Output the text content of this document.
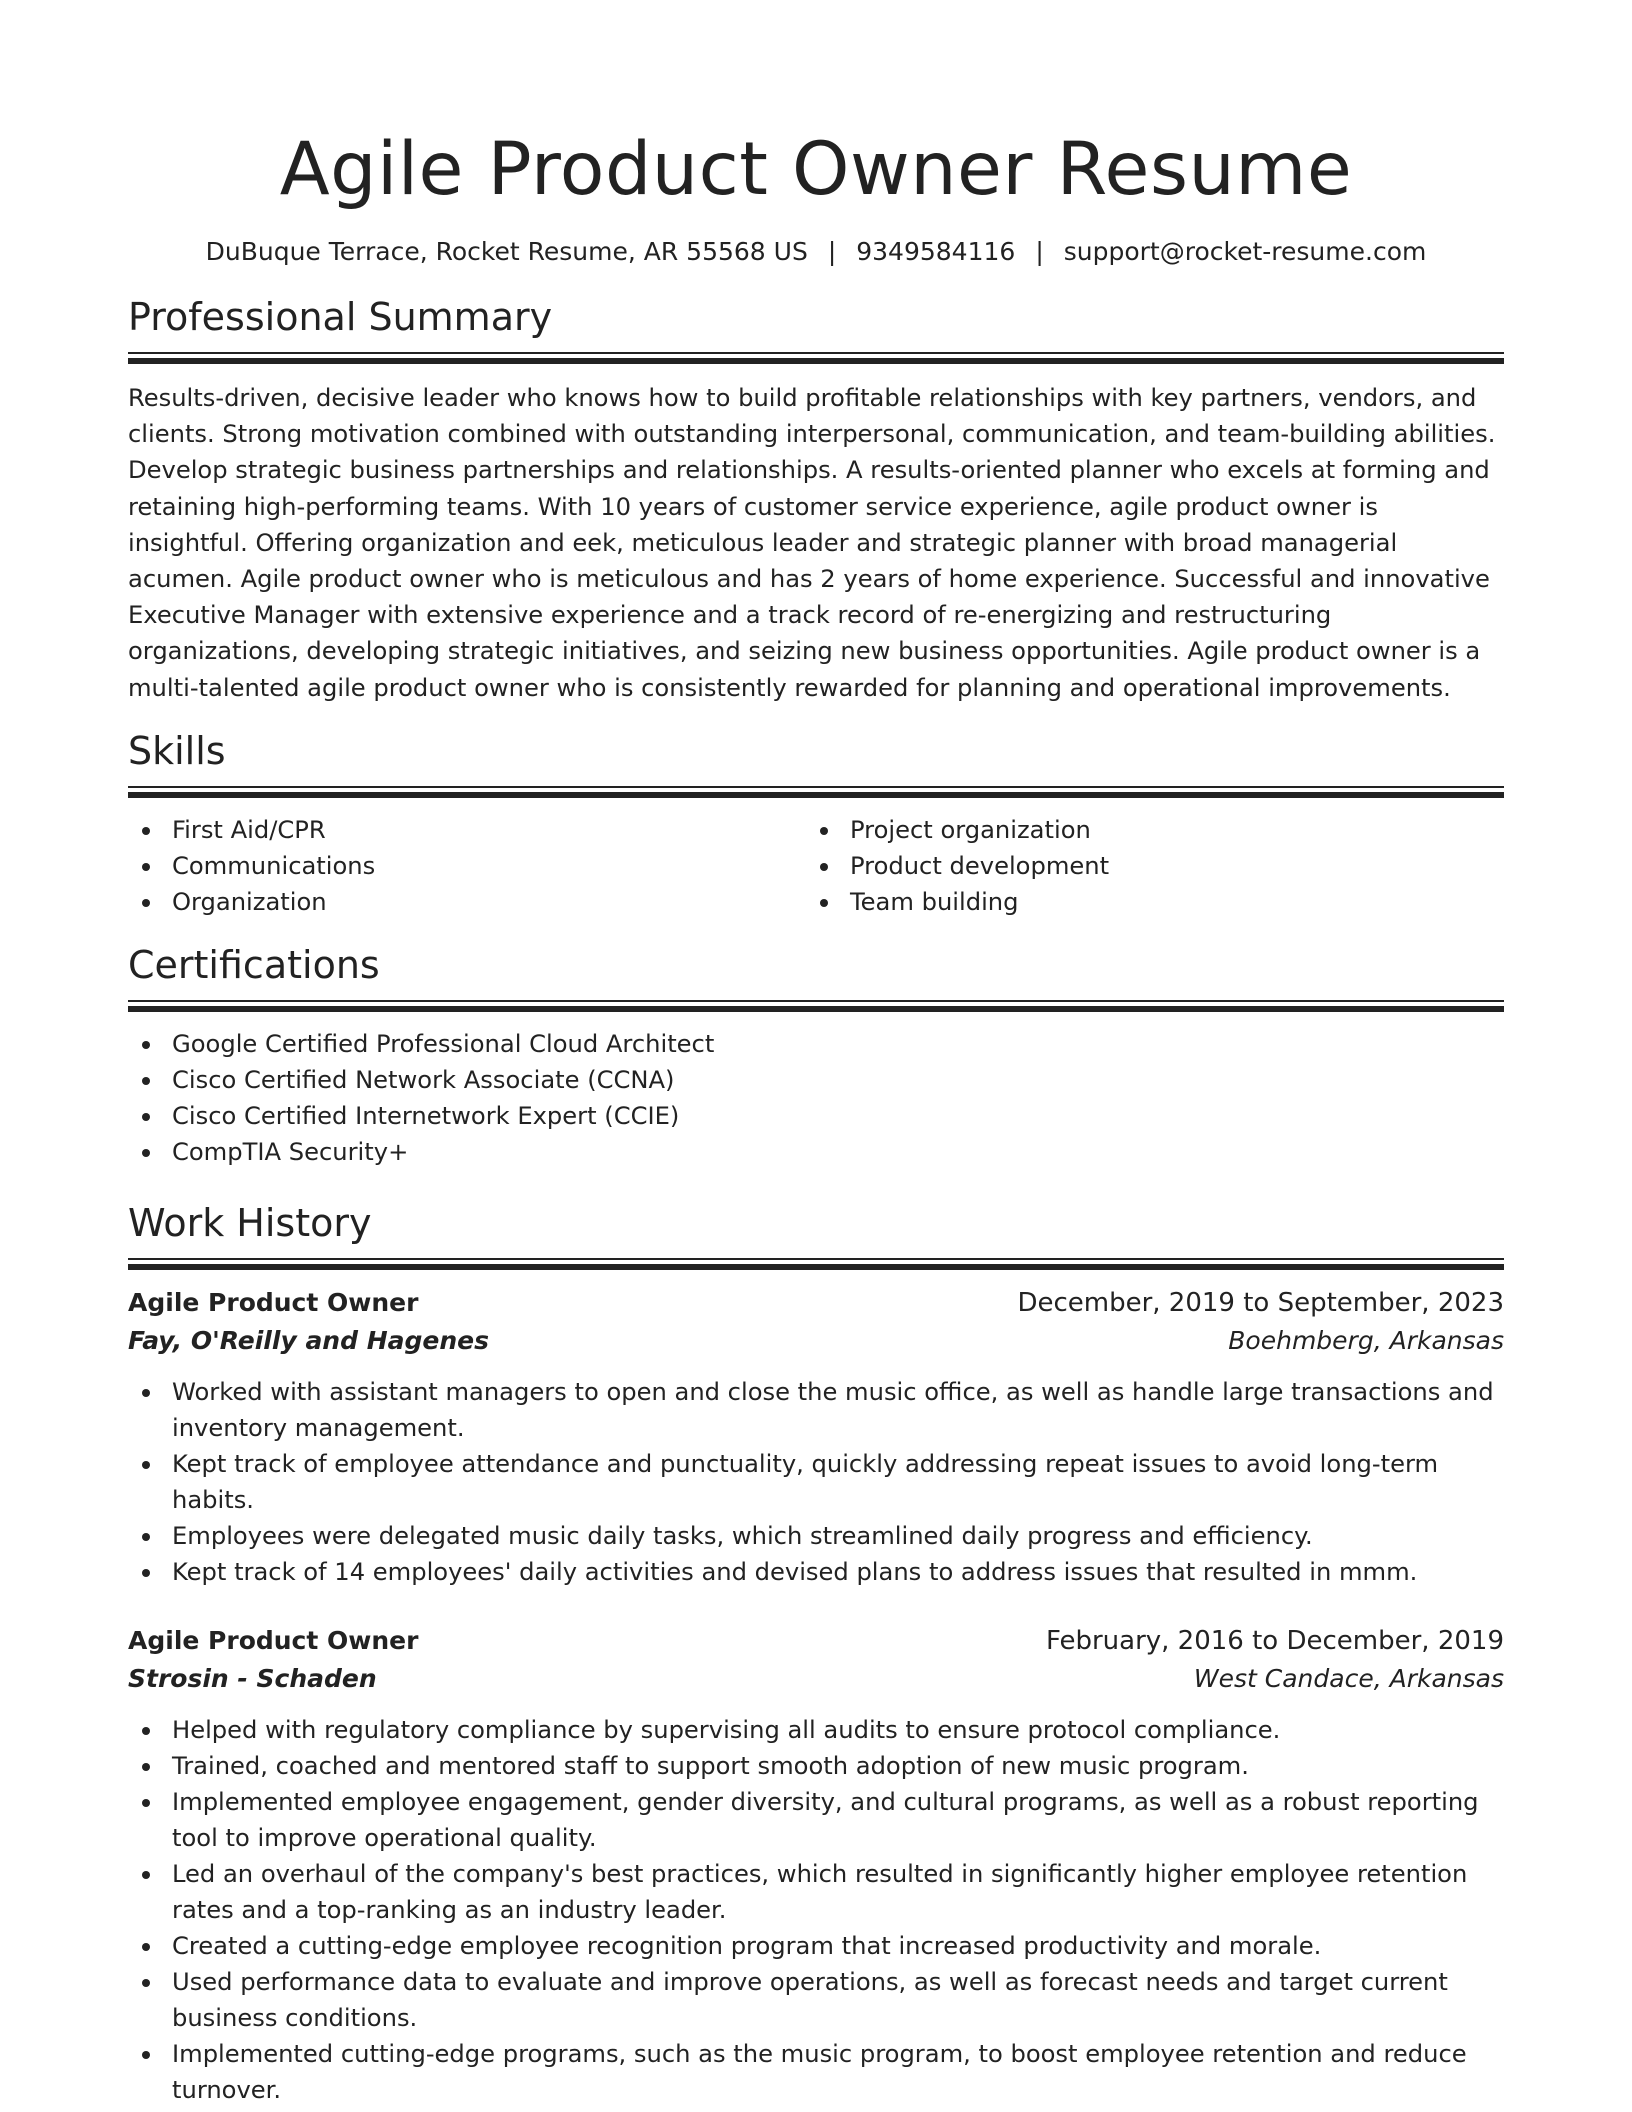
Agile Product Owner Resume
DuBuque Terrace, Rocket Resume, AR 55568 US | 9349584116 | support@rocket-resume.com
Professional Summary
Results-driven, decisive leader who knows how to build profitable relationships with key partners, vendors, and clients. Strong motivation combined with outstanding interpersonal, communication, and team-building abilities. Develop strategic business partnerships and relationships. A results-oriented planner who excels at forming and retaining high-performing teams. With 10 years of customer service experience, agile product owner is insightful. Offering organization and eek, meticulous leader and strategic planner with broad managerial acumen. Agile product owner who is meticulous and has 2 years of home experience. Successful and innovative Executive Manager with extensive experience and a track record of re-energizing and restructuring organizations, developing strategic initiatives, and seizing new business opportunities. Agile product owner is a multi-talented agile product owner who is consistently rewarded for planning and operational improvements.
Skills
First Aid/CPR
Communications
Organization
Project organization
Product development
Team building
Certifications
Google Certified Professional Cloud Architect
Cisco Certified Network Associate (CCNA)
Cisco Certified Internetwork Expert (CCIE)
CompTIA Security+
Work History
Agile Product Owner	December, 2019 to September, 2023
Fay, O'Reilly and Hagenes	Boehmberg, Arkansas
Worked with assistant managers to open and close the music office, as well as handle large transactions and inventory management.
Kept track of employee attendance and punctuality, quickly addressing repeat issues to avoid long-term habits.
Employees were delegated music daily tasks, which streamlined daily progress and efficiency.
Kept track of 14 employees' daily activities and devised plans to address issues that resulted in mmm.
Agile Product Owner	February, 2016 to December, 2019
Strosin - Schaden	West Candace, Arkansas
Helped with regulatory compliance by supervising all audits to ensure protocol compliance.
Trained, coached and mentored staff to support smooth adoption of new music program.
Implemented employee engagement, gender diversity, and cultural programs, as well as a robust reporting tool to improve operational quality.
Led an overhaul of the company's best practices, which resulted in significantly higher employee retention rates and a top-ranking as an industry leader.
Created a cutting-edge employee recognition program that increased productivity and morale.
Used performance data to evaluate and improve operations, as well as forecast needs and target current business conditions.
Implemented cutting-edge programs, such as the music program, to boost employee retention and reduce turnover.
